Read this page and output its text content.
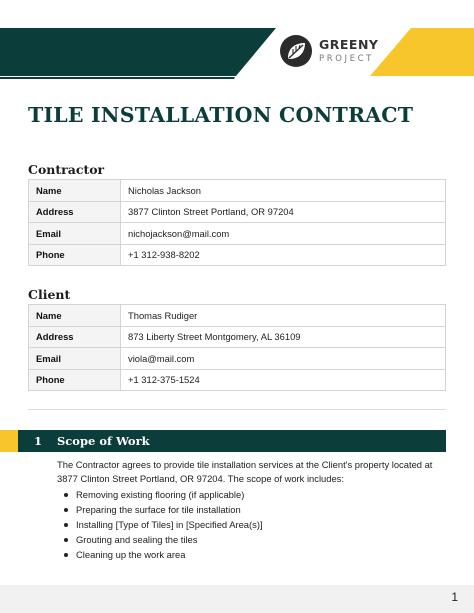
GREENY
PROJECT
TILE INSTALLATION CONTRACT
Contractor
Name	Nicholas Jackson
Address	3877 Clinton Street Portland, OR 97204
Email	nichojackson@mail.com
Phone	+1 312-938-8202
Client
Name	Thomas Rudiger
Address	873 Liberty Street Montgomery, AL 36109
Email	viola@mail.com
Phone	+1 312-375-1524
1 Scope of Work

The Contractor agrees to provide tile installation services at the Client's property located at 3877 Clinton Street Portland, OR 97204. The scope of work includes:

Removing existing flooring (if applicable)
Preparing the surface for tile installation
Installing [Type of Tiles] in [Specified Area(s)]
Grouting and sealing the tiles
Cleaning up the work area
1
